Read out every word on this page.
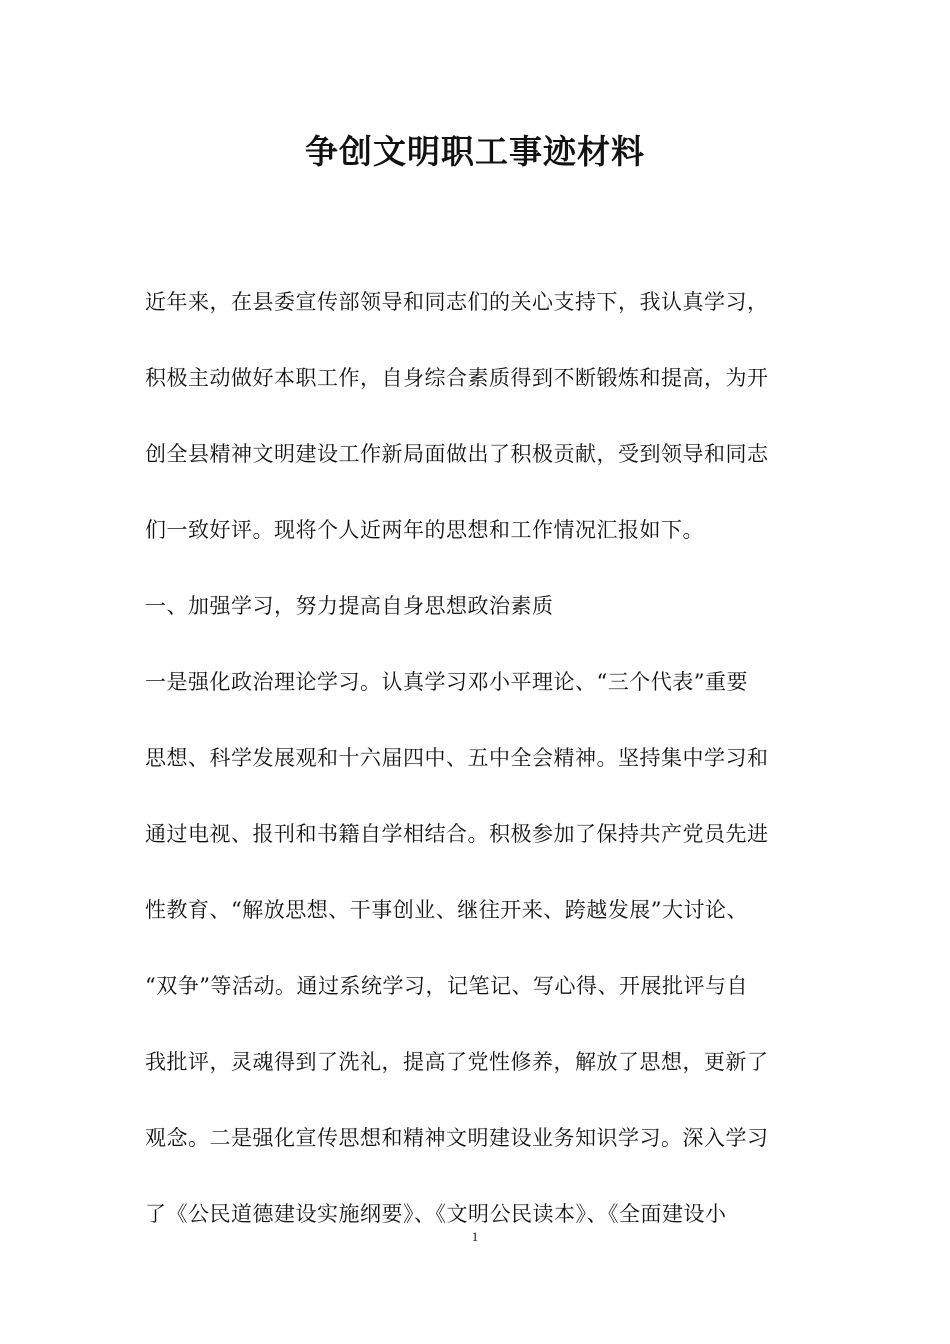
争创文明职工事迹材料
近年来，在县委宣传部领导和同志们的关心支持下，我认真学习，
积极主动做好本职工作，自身综合素质得到不断锻炼和提高，为开
创全县精神文明建设工作新局面做出了积极贡献，受到领导和同志
们一致好评。现将个人近两年的思想和工作情况汇报如下。
一、加强学习，努力提高自身思想政治素质
一是强化政治理论学习。认真学习邓小平理论、“三个代表”重要
思想、科学发展观和十六届四中、五中全会精神。坚持集中学习和
通过电视、报刊和书籍自学相结合。积极参加了保持共产党员先进
性教育、“解放思想、干事创业、继往开来、跨越发展”大讨论、
“双争”等活动。通过系统学习，记笔记、写心得、开展批评与自
我批评，灵魂得到了洗礼，提高了党性修养，解放了思想，更新了
观念。二是强化宣传思想和精神文明建设业务知识学习。深入学习
了《公民道德建设实施纲要》、《文明公民读本》、《全面建设小
1
